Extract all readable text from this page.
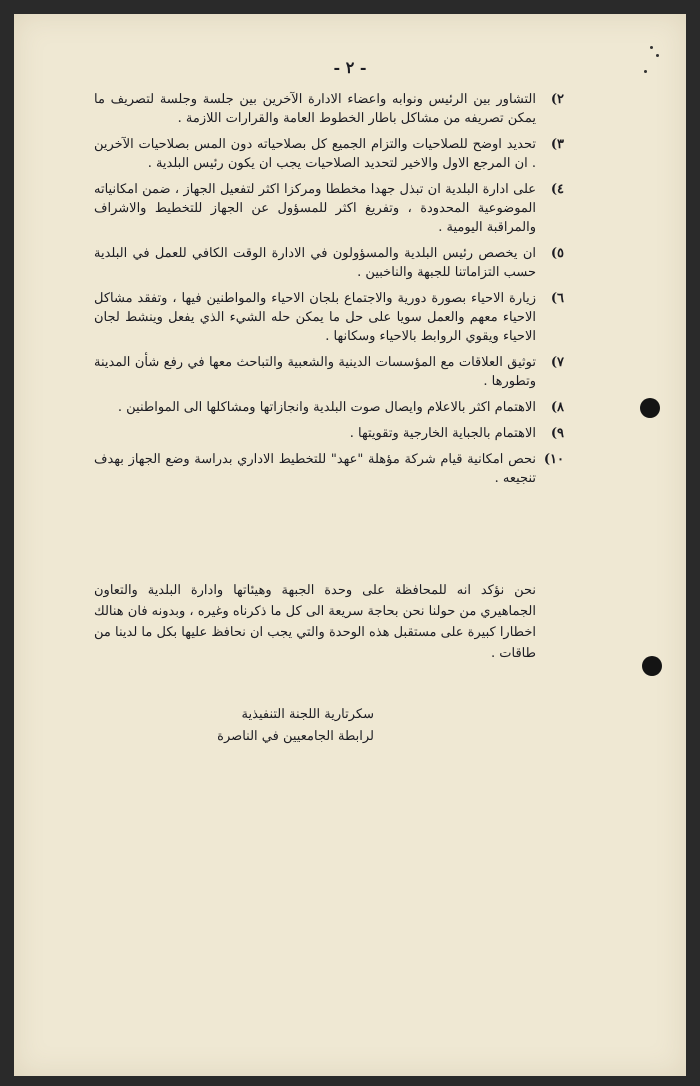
- ٢ -
٢)
التشاور بين الرئيس ونوابه واعضاء الادارة الآخرين بين جلسة وجلسة لتصريف ما يمكن تصريفه من مشاكل باطار الخطوط العامة والقرارات اللازمة .
٣)
تحديد اوضح للصلاحيات والتزام الجميع كل بصلاحياته دون المس بصلاحيات الآخرين . ان المرجع الاول والاخير لتحديد الصلاحيات يجب ان يكون رئيس البلدية .
٤)
على ادارة البلدية ان تبذل جهدا مخططا ومركزا اكثر لتفعيل الجهاز ، ضمن امكانياته الموضوعية المحدودة ، وتفريغ اكثر للمسؤول عن الجهاز للتخطيط والاشراف والمراقبة اليومية .
٥)
ان يخصص رئيس البلدية والمسؤولون في الادارة الوقت الكافي للعمل في البلدية حسب التزاماتنا للجبهة والناخبين .
٦)
زيارة الاحياء بصورة دورية والاجتماع بلجان الاحياء والمواطنين فيها ، وتفقد مشاكل الاحياء معهم والعمل سويا على حل ما يمكن حله الشيء الذي يفعل وينشط لجان الاحياء ويقوي الروابط بالاحياء وسكانها .
٧)
توثيق العلاقات مع المؤسسات الدينية والشعبية والتباحث معها في رفع شأن المدينة وتطورها .
٨)
الاهتمام اكثر بالاعلام وايصال صوت البلدية وانجازاتها ومشاكلها الى المواطنين .
٩)
الاهتمام بالجباية الخارجية وتقويتها .
١٠)
نحص امكانية قيام شركة مؤهلة "عهد" للتخطيط الاداري بدراسة وضع الجهاز بهدف تنجيعه .

نحن نؤكد انه للمحافظة على وحدة الجبهة وهيئاتها وادارة البلدية والتعاون الجماهيري من حولنا نحن بحاجة سريعة الى كل ما ذكرناه وغيره ، وبدونه فان هنالك اخطارا كبيرة على مستقبل هذه الوحدة والتي يجب ان نحافظ عليها بكل ما لدينا من طاقات .

سكرتارية اللجنة التنفيذية
لرابطة الجامعيين في الناصرة
